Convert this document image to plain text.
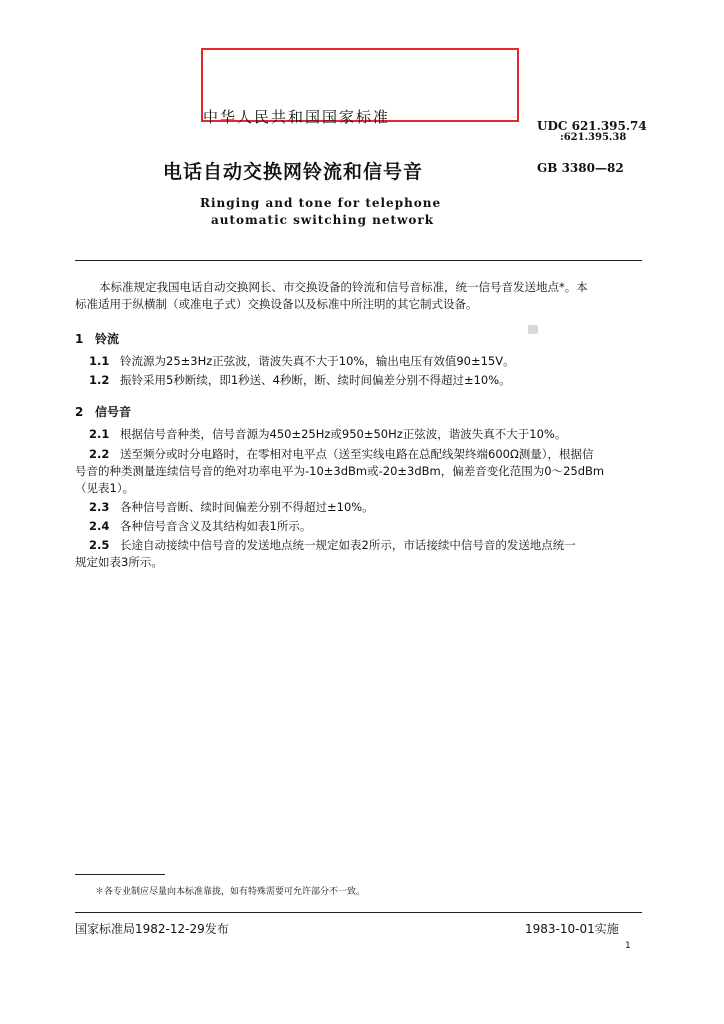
中华人民共和国国家标准	UDC 621.395.74
:621.395.38
电话自动交换网铃流和信号音	GB 3380—82
Ringing and tone for telephone
automatic switching network
本标准规定我国电话自动交换网长、市交换设备的铃流和信号音标准，统一信号音发送地点*。本
标准适用于纵横制（或准电子式）交换设备以及标准中所注明的其它制式设备。
1 铃流
1.1 铃流源为25±3Hz正弦波，谐波失真不大于10%，输出电压有效值90±15V。
1.2 振铃采用5秒断续，即1秒送、4秒断，断、续时间偏差分别不得超过±10%。
2 信号音
2.1 根据信号音种类，信号音源为450±25Hz或950±50Hz正弦波，谐波失真不大于10%。
2.2 送至频分或时分电路时，在零相对电平点（送至实线电路在总配线架终端600Ω测量），根据信
号音的种类测量连续信号音的绝对功率电平为-10±3dBm或-20±3dBm，偏差音变化范围为0～25dBm
（见表1）。
2.3 各种信号音断、续时间偏差分别不得超过±10%。
2.4 各种信号音含义及其结构如表1所示。
2.5 长途自动接续中信号音的发送地点统一规定如表2所示，市话接续中信号音的发送地点统一
规定如表3所示。
＊各专业制应尽量向本标准靠拢，如有特殊需要可允许部分不一致。
国家标准局1982-12-29发布	1983-10-01实施
1
